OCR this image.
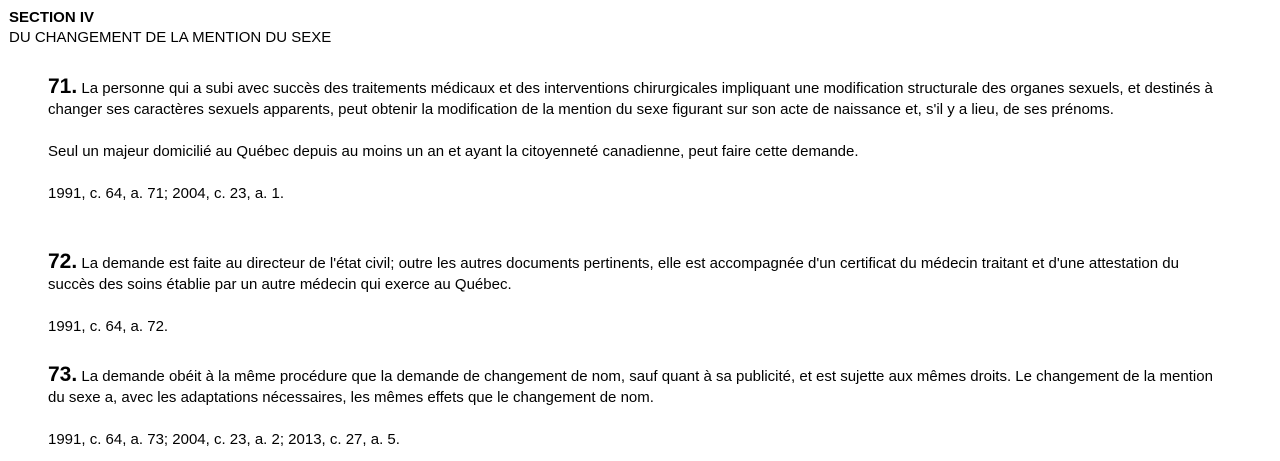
SECTION IV
DU CHANGEMENT DE LA MENTION DU SEXE

71. La personne qui a subi avec succès des traitements médicaux et des interventions chirurgicales impliquant une modification structurale des organes sexuels, et destinés à changer ses caractères sexuels apparents, peut obtenir la modification de la mention du sexe figurant sur son acte de naissance et, s'il y a lieu, de ses prénoms.

Seul un majeur domicilié au Québec depuis au moins un an et ayant la citoyenneté canadienne, peut faire cette demande.

1991, c. 64, a. 71; 2004, c. 23, a. 1.

72. La demande est faite au directeur de l'état civil; outre les autres documents pertinents, elle est accompagnée d'un certificat du médecin traitant et d'une attestation du succès des soins établie par un autre médecin qui exerce au Québec.

1991, c. 64, a. 72.

73. La demande obéit à la même procédure que la demande de changement de nom, sauf quant à sa publicité, et est sujette aux mêmes droits. Le changement de la mention du sexe a, avec les adaptations nécessaires, les mêmes effets que le changement de nom.

1991, c. 64, a. 73; 2004, c. 23, a. 2; 2013, c. 27, a. 5.
